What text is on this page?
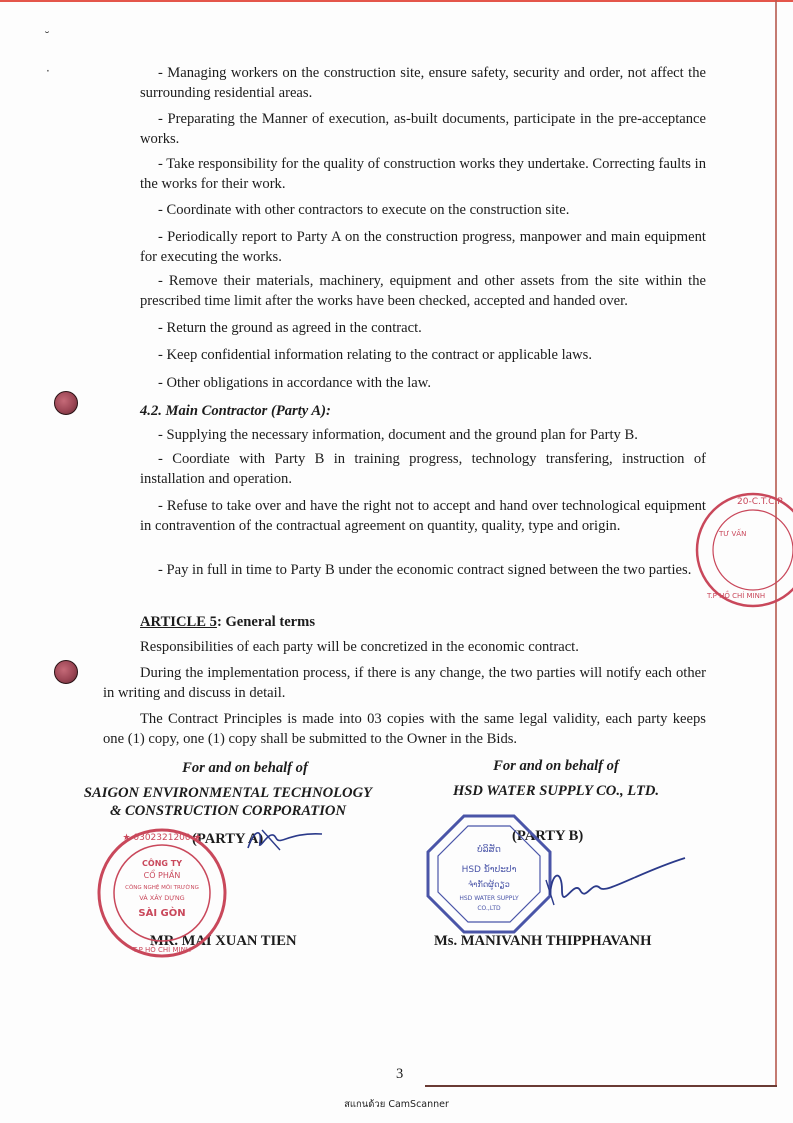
˘
·	- Managing workers on the construction site, ensure safety, security and order, not affect the surrounding residential areas.

- Preparating the Manner of execution, as-built documents, participate in the pre-acceptance works.

- Take responsibility for the quality of construction works they undertake. Correcting faults in the works for their work.

- Coordinate with other contractors to execute on the construction site.

- Periodically report to Party A on the construction progress, manpower and main equipment for executing the works.

- Remove their materials, machinery, equipment and other assets from the site within the prescribed time limit after the works have been checked, accepted and handed over.

- Return the ground as agreed in the contract.

- Keep confidential information relating to the contract or applicable laws.

- Other obligations in accordance with the law.

4.2. Main Contractor (Party A):

- Supplying the necessary information, document and the ground plan for Party B.

- Coordiate with Party B in training progress, technology transfering, instruction of installation and operation.

- Refuse to take over and have the right not to accept and hand over technological equipment in contravention of the contractual agreement on quantity, quality, type and origin.

- Pay in full in time to Party B under the economic contract signed between the two parties.

ARTICLE 5: General terms

Responsibilities of each party will be concretized in the economic contract.

During the implementation process, if there is any change, the two parties will notify each other in writing and discuss in detail.

The Contract Principles is made into 03 copies with the same legal validity, each party keeps one (1) copy, one (1) copy shall be submitted to the Owner in the Bids.

For and on behalf of
SAIGON ENVIRONMENTAL TECHNOLOGY
& CONSTRUCTION CORPORATION
(PARTY A)
MR. MAI XUAN TIEN
For and on behalf of
HSD WATER SUPPLY CO., LTD.
(PARTY B)
Ms. MANIVANH THIPPHAVANH
★ 0302321200 ★
CÔNG TY
CỔ PHẦN
CÔNG NGHỆ MÔI TRƯỜNG
VÀ XÂY DỰNG
SÀI GÒN
T.P HỒ CHÍ MINH
ບໍລິສັດ
HSD ນ້ຳປະປາ
ຈຳກັດຜູ້ດຽວ
HSD WATER SUPPLY
CO.,LTD
20-C.T.C.P
TƯ VẤN
T.P HỒ CHÍ MINH
3
สแกนด้วย CamScanner
